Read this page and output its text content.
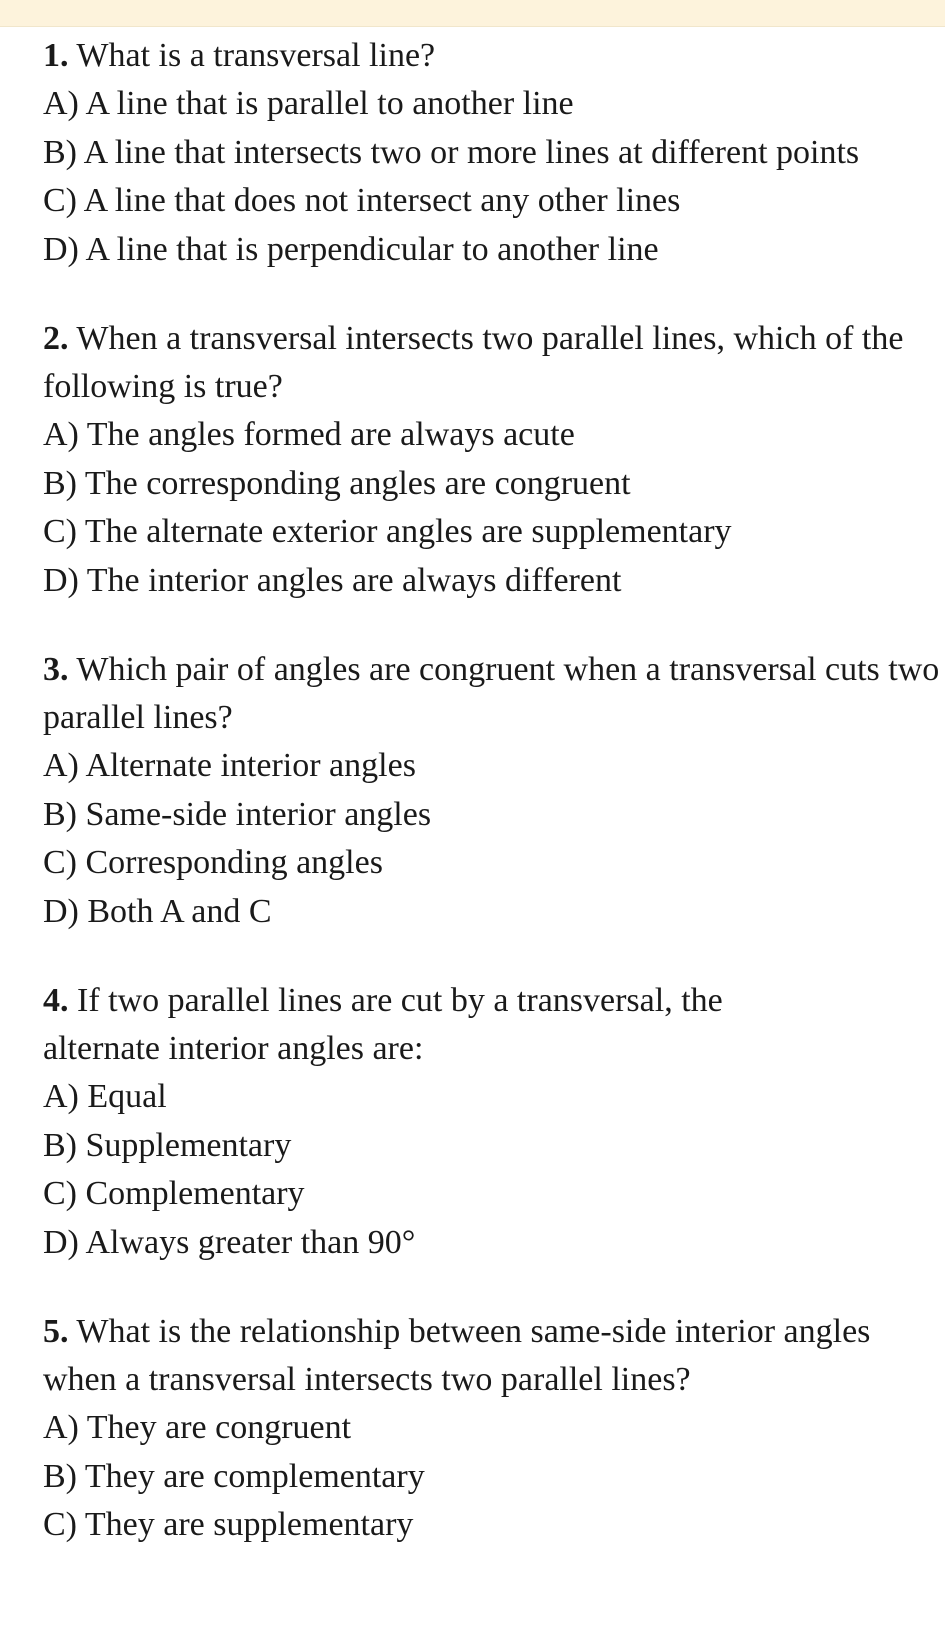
1. What is a transversal line?

A) A line that is parallel to another line

B) A line that intersects two or more lines at different points

C) A line that does not intersect any other lines

D) A line that is perpendicular to another line

2. When a transversal intersects two parallel lines, which of the following is true?

A) The angles formed are always acute

B) The corresponding angles are congruent

C) The alternate exterior angles are supplementary

D) The interior angles are always different

3. Which pair of angles are congruent when a transversal cuts two parallel lines?

A) Alternate interior angles

B) Same-side interior angles

C) Corresponding angles

D) Both A and C

4. If two parallel lines are cut by a transversal, the alternate interior angles are:

A) Equal

B) Supplementary

C) Complementary

D) Always greater than 90°

5. What is the relationship between same-side interior angles when a transversal intersects two parallel lines?

A) They are congruent

B) They are complementary

C) They are supplementary
